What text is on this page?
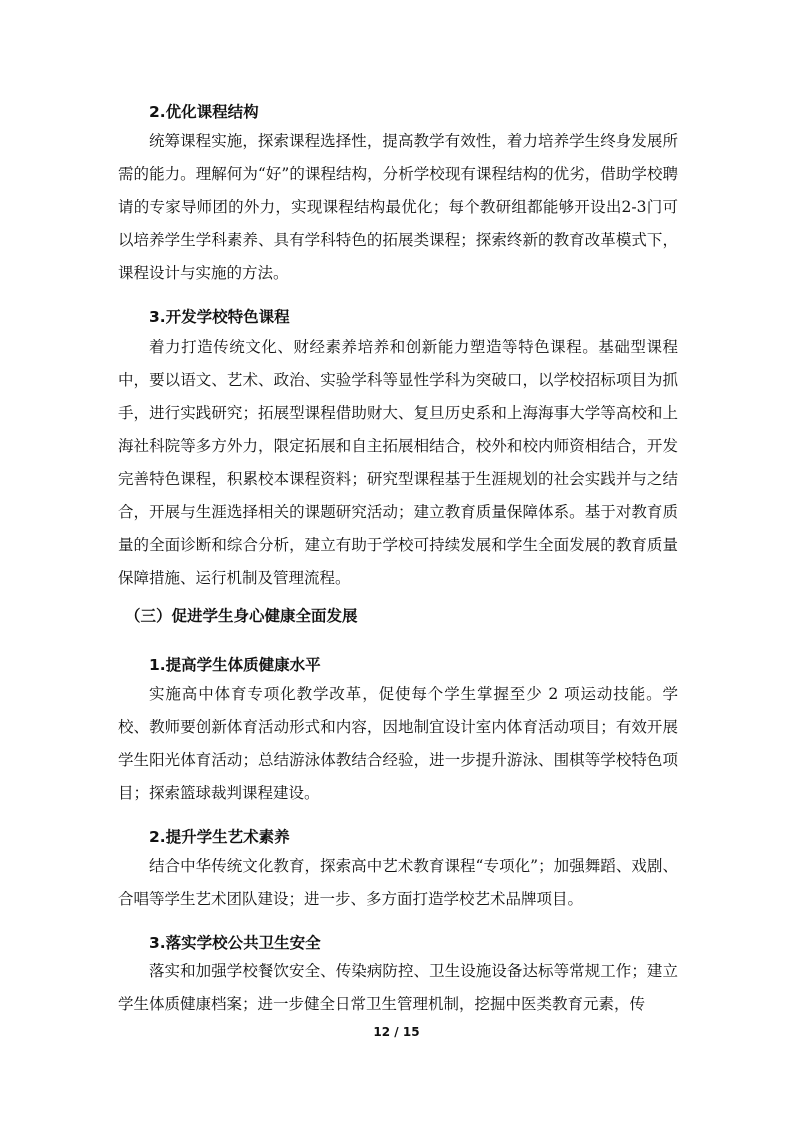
2.优化课程结构

统筹课程实施，探索课程选择性，提高教学有效性，着力培养学生终身发展所需的能力。理解何为“好”的课程结构，分析学校现有课程结构的优劣，借助学校聘请的专家导师团的外力，实现课程结构最优化；每个教研组都能够开设出2-3门可以培养学生学科素养、具有学科特色的拓展类课程；探索终新的教育改革模式下，课程设计与实施的方法。

3.开发学校特色课程

着力打造传统文化、财经素养培养和创新能力塑造等特色课程。基础型课程中，要以语文、艺术、政治、实验学科等显性学科为突破口，以学校招标项目为抓手，进行实践研究；拓展型课程借助财大、复旦历史系和上海海事大学等高校和上海社科院等多方外力，限定拓展和自主拓展相结合，校外和校内师资相结合，开发完善特色课程，积累校本课程资料；研究型课程基于生涯规划的社会实践并与之结合，开展与生涯选择相关的课题研究活动；建立教育质量保障体系。基于对教育质量的全面诊断和综合分析，建立有助于学校可持续发展和学生全面发展的教育质量保障措施、运行机制及管理流程。

（三）促进学生身心健康全面发展
1.提高学生体质健康水平

实施高中体育专项化教学改革，促使每个学生掌握至少 2 项运动技能。学校、教师要创新体育活动形式和内容，因地制宜设计室内体育活动项目；有效开展学生阳光体育活动；总结游泳体教结合经验，进一步提升游泳、围棋等学校特色项目；探索篮球裁判课程建设。

2.提升学生艺术素养

结合中华传统文化教育，探索高中艺术教育课程“专项化”；加强舞蹈、戏剧、合唱等学生艺术团队建设；进一步、多方面打造学校艺术品牌项目。

3.落实学校公共卫生安全

落实和加强学校餐饮安全、传染病防控、卫生设施设备达标等常规工作；建立学生体质健康档案；进一步健全日常卫生管理机制，挖掘中医类教育元素，传

12 / 15
